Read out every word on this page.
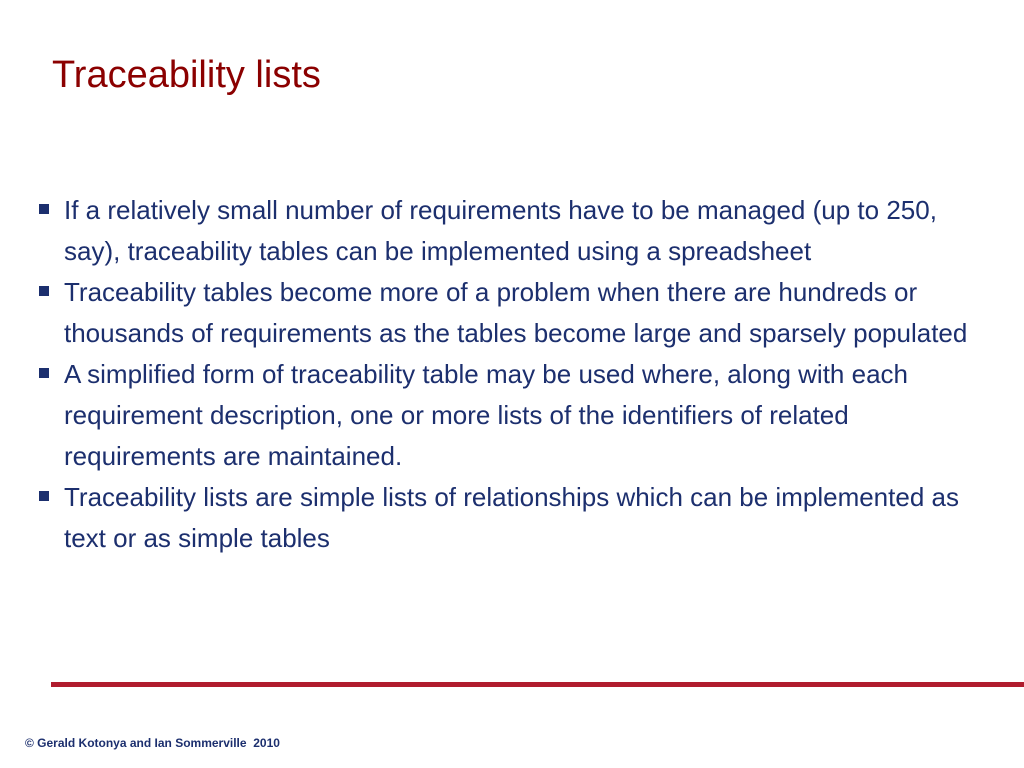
Traceability lists
If a relatively small number of requirements have to be managed (up to 250, say), traceability tables can be implemented using a spreadsheet
Traceability tables become more of a problem when there are hundreds or thousands of requirements as the tables become large and sparsely populated
A simplified form of traceability table may be used where, along with each requirement description, one or more lists of the identifiers of related requirements are maintained.
Traceability lists are simple lists of relationships which can be implemented as text or as simple tables
© Gerald Kotonya and Ian Sommerville  2010
